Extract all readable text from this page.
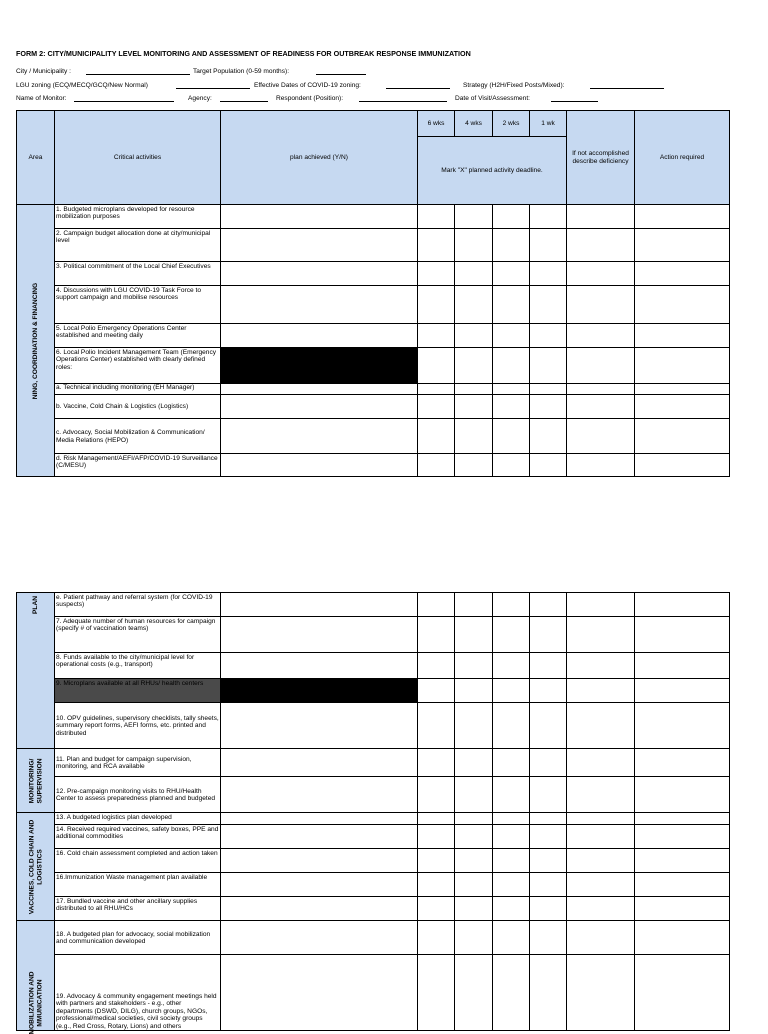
FORM 2: CITY/MUNICIPALITY LEVEL MONITORING AND ASSESSMENT OF READINESS FOR OUTBREAK RESPONSE IMMUNIZATION
City / Municipality :	Target Population (0-59 months):
LGU zoning (ECQ/MECQ/GCQ/New Normal)	Effective Dates of COVID-19 zoning:	Strategy (H2H/Fixed Posts/Mixed):
Name of Monitor:	Agency:	Respondent (Position):	Date of Visit/Assessment:
Area	Critical activities	plan achieved (Y/N)	6 wks	4 wks	2 wks	1 wk	If not accomplished describe deficiency	Action required
			Mark "X" planned activity deadline.					

NING, COORDINATION & FINANCING	1. Budgeted microplans developed for resource mobilization purposes							
	2. Campaign budget allocation done at city/municipal level							
	3. Political commitment of the Local Chief Executives							
	4. Discussions with LGU COVID-19 Task Force to support campaign and mobilise resources							
	5. Local Polio Emergency Operations Center established and meeting daily							
	6. Local Polio Incident Management Team (Emergency Operations Center) established with clearly defined roles:							
	a. Technical including monitoring (EH Manager)							
	b. Vaccine, Cold Chain & Logistics (Logistics)							
	c. Advocacy, Social Mobilization & Communication/ Media Relations (HEPO)							
	d. Risk Management/AEFI/AFP/COVID-19 Surveillance (C/MESU)							
PLAN	e. Patient pathway and referral system (for COVID-19 suspects)							
	7. Adequate number of human resources for campaign (specify # of vaccination teams)							
	8. Funds available to the city/municipal level for operational costs (e.g., transport)							
	9. Microplans available at all RHUs/ health centers							
	10. OPV guidelines, supervisory checklists, tally sheets, summary report forms, AEFI forms, etc. printed and distributed							

MONITORING/
SUPERVISION	11. Plan and budget for campaign supervision, monitoring, and RCA available							
	12. Pre-campaign monitoring visits to RHU/Health Center to assess preparedness planned and budgeted							

VACCINES, COLD CHAIN AND
LOGISTICS	13. A budgeted logistics plan developed							
	14. Received required vaccines, safety boxes, PPE and additional commodities							
	16. Cold chain assessment completed and action taken							
	16.Immunization Waste management plan available							
	17. Bundled vaccine and other ancillary supplies distributed to all RHU/HCs							

MOBILIZATION AND
MMUNICATION	18. A budgeted plan for advocacy, social mobilization and communication developed							
	19. Advocacy & community engagement meetings held with partners and stakeholders - e.g., other departments (DSWD, DILG), church groups, NGOs, professional/medical societies, civil society groups (e.g., Red Cross, Rotary, Lions) and others							
